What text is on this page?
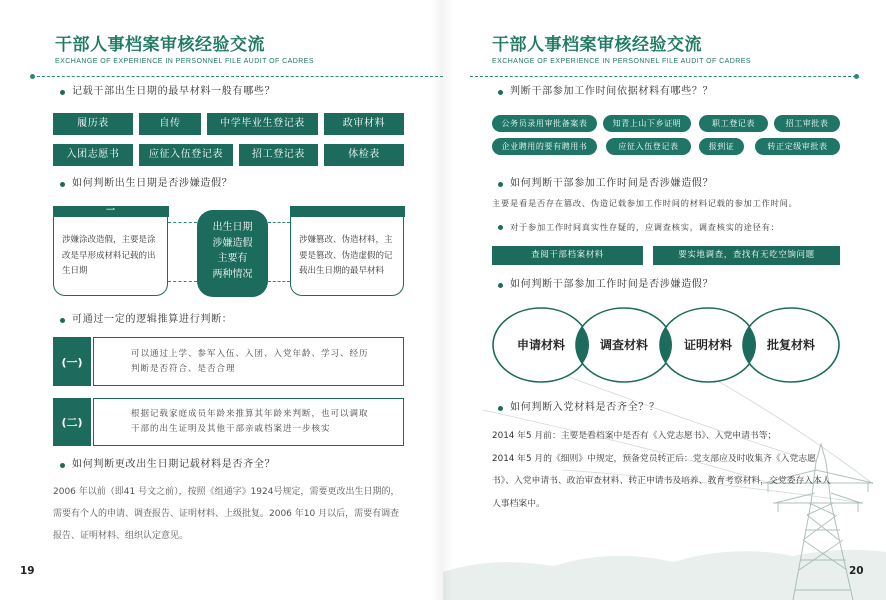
干部人事档案审核经验交流
EXCHANGE OF EXPERIENCE IN PERSONNEL FILE AUDIT OF CADRES
记载干部出生日期的最早材料一般有哪些？
履历表	自传	中学毕业生登记表	政审材料
入团志愿书	应征入伍登记表	招工登记表	体检表
如何判断出生日期是否涉嫌造假？
一
涉嫌涂改造假，主要是涂
改是早形成材料记载的出
生日期
出生日期
涉嫌造假
主要有
两种情况
涉嫌篡改、伪造材料，主
要是篡改、伪造虚假的记
载出生日期的最早材料
可通过一定的逻辑推算进行判断：
(一)
可以通过上学、参军入伍、入团、入党年龄、学习、经历
判断是否符合、是否合理
(二)
根据记载家庭成员年龄来推算其年龄来判断，也可以调取
干部的出生证明及其他干部亲戚档案进一步核实
如何判断更改出生日期记载材料是否齐全？
2006 年以前（即41 号文之前），按照《组通字》1924号规定，需要更改出生日期的，
需要有个人的申请、调查报告、证明材料、上级批复。2006 年10 月以后，需要有调查
报告、证明材料、组织认定意见。
19
干部人事档案审核经验交流
EXCHANGE OF EXPERIENCE IN PERSONNEL FILE AUDIT OF CADRES
判断干部参加工作时间依据材料有哪些？？
公务员录用审批备案表	知青上山下乡证明	职工登记表	招工审批表
企业聘用的要有聘用书	应征入伍登记表	报到证	转正定级审批表
如何判断干部参加工作时间是否涉嫌造假？
主要是看是否存在篡改、伪造记载参加工作时间的材料记载的参加工作时间。
对于参加工作时间真实性存疑的，应调查核实，调查核实的途径有：
查阅干部档案材料	要实地调查，查找有无吃空饷问题
如何判断干部参加工作时间是否涉嫌造假？
申请材料	调查材料	证明材料	批复材料
如何判断入党材料是否齐全？？
2014 年5 月前：主要是看档案中是否有《入党志愿书》、入党申请书等；
2014 年5 月的《细则》中规定，预备党员转正后：党支部应及时收集齐《入党志愿
书》、入党申请书、政治审查材料、转正申请书及培养、教育考察材料，交党委存入本人
人事档案中。
20
